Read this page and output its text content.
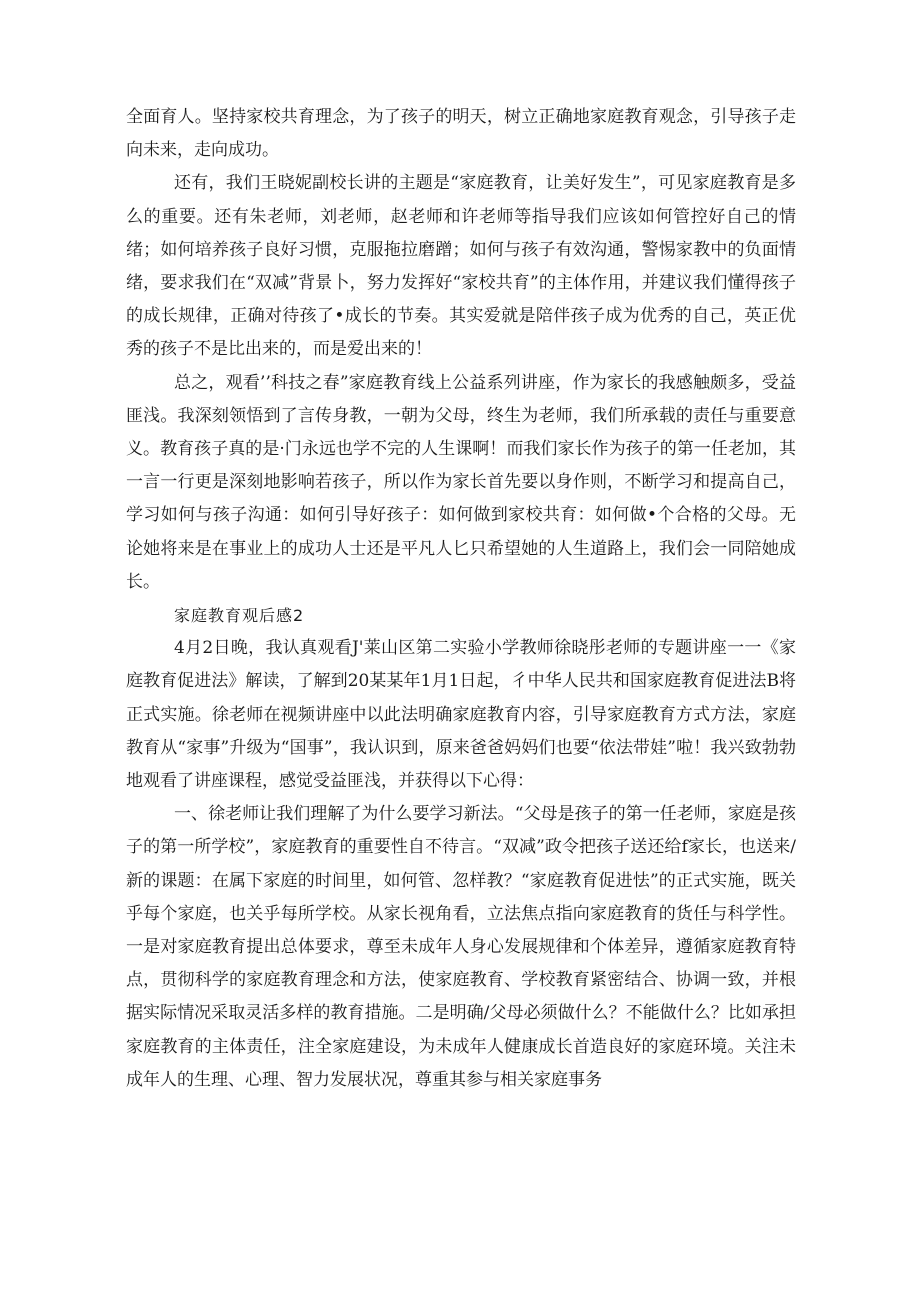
全面育人。坚持家校共育理念，为了孩子的明天，树立正确地家庭教育观念，引导孩子走向未来，走向成功。

还有，我们王晓妮副校长讲的主题是“家庭教育，让美好发生”，可见家庭教育是多么的重要。还有朱老师，刘老师，赵老师和许老师等指导我们应该如何管控好自己的情绪；如何培养孩子良好习惯，克服拖拉磨蹭；如何与孩子有效沟通，警惕家教中的负面情绪，要求我们在“双减”背景卜，努力发挥好“家校共育”的主体作用，并建议我们懂得孩子的成长规律，正确对待孩了•成长的节奏。其实爱就是陪伴孩子成为优秀的自己，英正优秀的孩子不是比出来的，而是爱出来的！

总之，观看’’科技之春”家庭教育线上公益系列讲座，作为家长的我感触颇多，受益匪浅。我深刻领悟到了言传身教，一朝为父母，终生为老师，我们所承载的责任与重要意义。教育孩子真的是·门永远也学不完的人生课啊！而我们家长作为孩子的第一任老加，其一言一行更是深刻地影响若孩子，所以作为家长首先要以身作则，不断学习和提高自己，学习如何与孩子沟通：如何引导好孩子：如何做到家校共育：如何做•个合格的父母。无论她将来是在事业上的成功人士还是平凡人匕只希望她的人生道路上，我们会一同陪她成长。

家庭教育观后感2

4月2日晚，我认真观看J'莱山区第二实验小学教师徐晓彤老师的专题讲座一一《家庭教育促进法》解读，了解到20某某年1月1日起，彳中华人民共和国家庭教育促进法B将正式实施。徐老师在视频讲座中以此法明确家庭教育内容，引导家庭教育方式方法，家庭教育从“家事”升级为“国事”，我认识到，原来爸爸妈妈们也要“依法带娃”啦！我兴致勃勃地观看了讲座课程，感觉受益匪浅，并获得以下心得：

一、徐老师让我们理解了为什么要学习新法。“父母是孩子的第一任老师，家庭是孩子的第一所学校”，家庭教育的重要性自不待言。“双减”政令把孩子送还给f家长，也送来/新的课题：在属下家庭的时间里，如何管、忽样教？“家庭教育促进怯”的正式实施，既关乎每个家庭，也关乎每所学校。从家长视角看，立法焦点指向家庭教育的货任与科学性。一是对家庭教育提出总体要求，尊至未成年人身心发展规律和个体差异，遵循家庭教育特点，贯彻科学的家庭教育理念和方法，使家庭教育、学校教育紧密结合、协调一致，并根据实际情况采取灵活多样的教育措施。二是明确/父母必须做什么？不能做什么？比如承担家庭教育的主体责任，注全家庭建设，为未成年人健康成长首造良好的家庭环境。关注未成年人的生理、心理、智力发展状况，尊重其参与相关家庭事务
